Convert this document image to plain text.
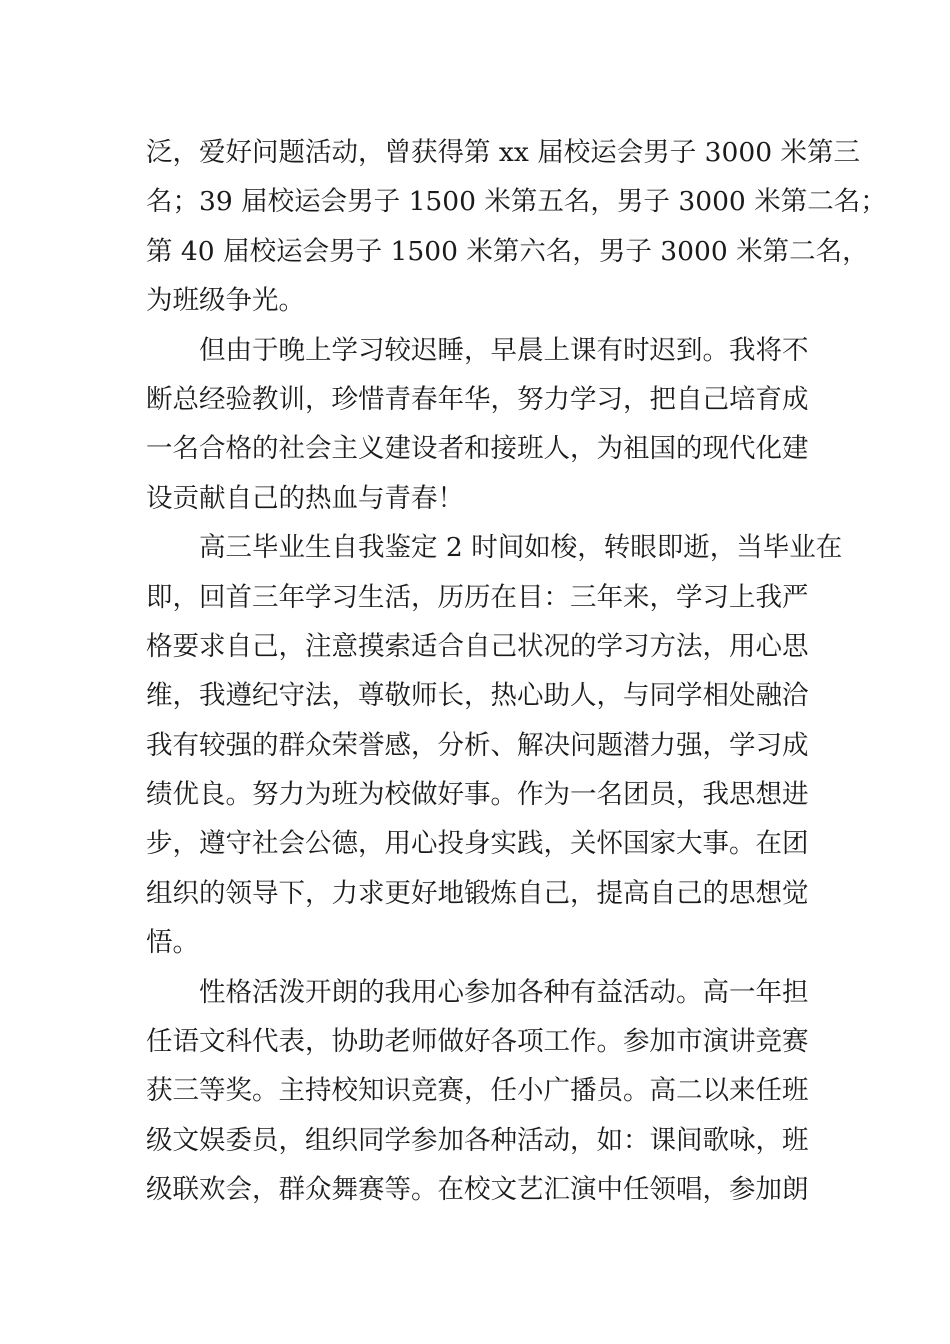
泛，爱好问题活动，曾获得第 xx 届校运会男子 3000 米第三
名；39 届校运会男子 1500 米第五名，男子 3000 米第二名；
第 40 届校运会男子 1500 米第六名，男子 3000 米第二名，
为班级争光。
但由于晚上学习较迟睡，早晨上课有时迟到。我将不
断总经验教训，珍惜青春年华，努力学习，把自己培育成
一名合格的社会主义建设者和接班人，为祖国的现代化建
设贡献自己的热血与青春！
高三毕业生自我鉴定 2 时间如梭，转眼即逝，当毕业在
即，回首三年学习生活，历历在目：三年来，学习上我严
格要求自己，注意摸索适合自己状况的学习方法，用心思
维，我遵纪守法，尊敬师长，热心助人，与同学相处融洽
我有较强的群众荣誉感，分析、解决问题潜力强，学习成
绩优良。努力为班为校做好事。作为一名团员，我思想进
步，遵守社会公德，用心投身实践，关怀国家大事。在团
组织的领导下，力求更好地锻炼自己，提高自己的思想觉
悟。
性格活泼开朗的我用心参加各种有益活动。高一年担
任语文科代表，协助老师做好各项工作。参加市演讲竞赛
获三等奖。主持校知识竞赛，任小广播员。高二以来任班
级文娱委员，组织同学参加各种活动，如：课间歌咏，班
级联欢会，群众舞赛等。在校文艺汇演中任领唱，参加朗
